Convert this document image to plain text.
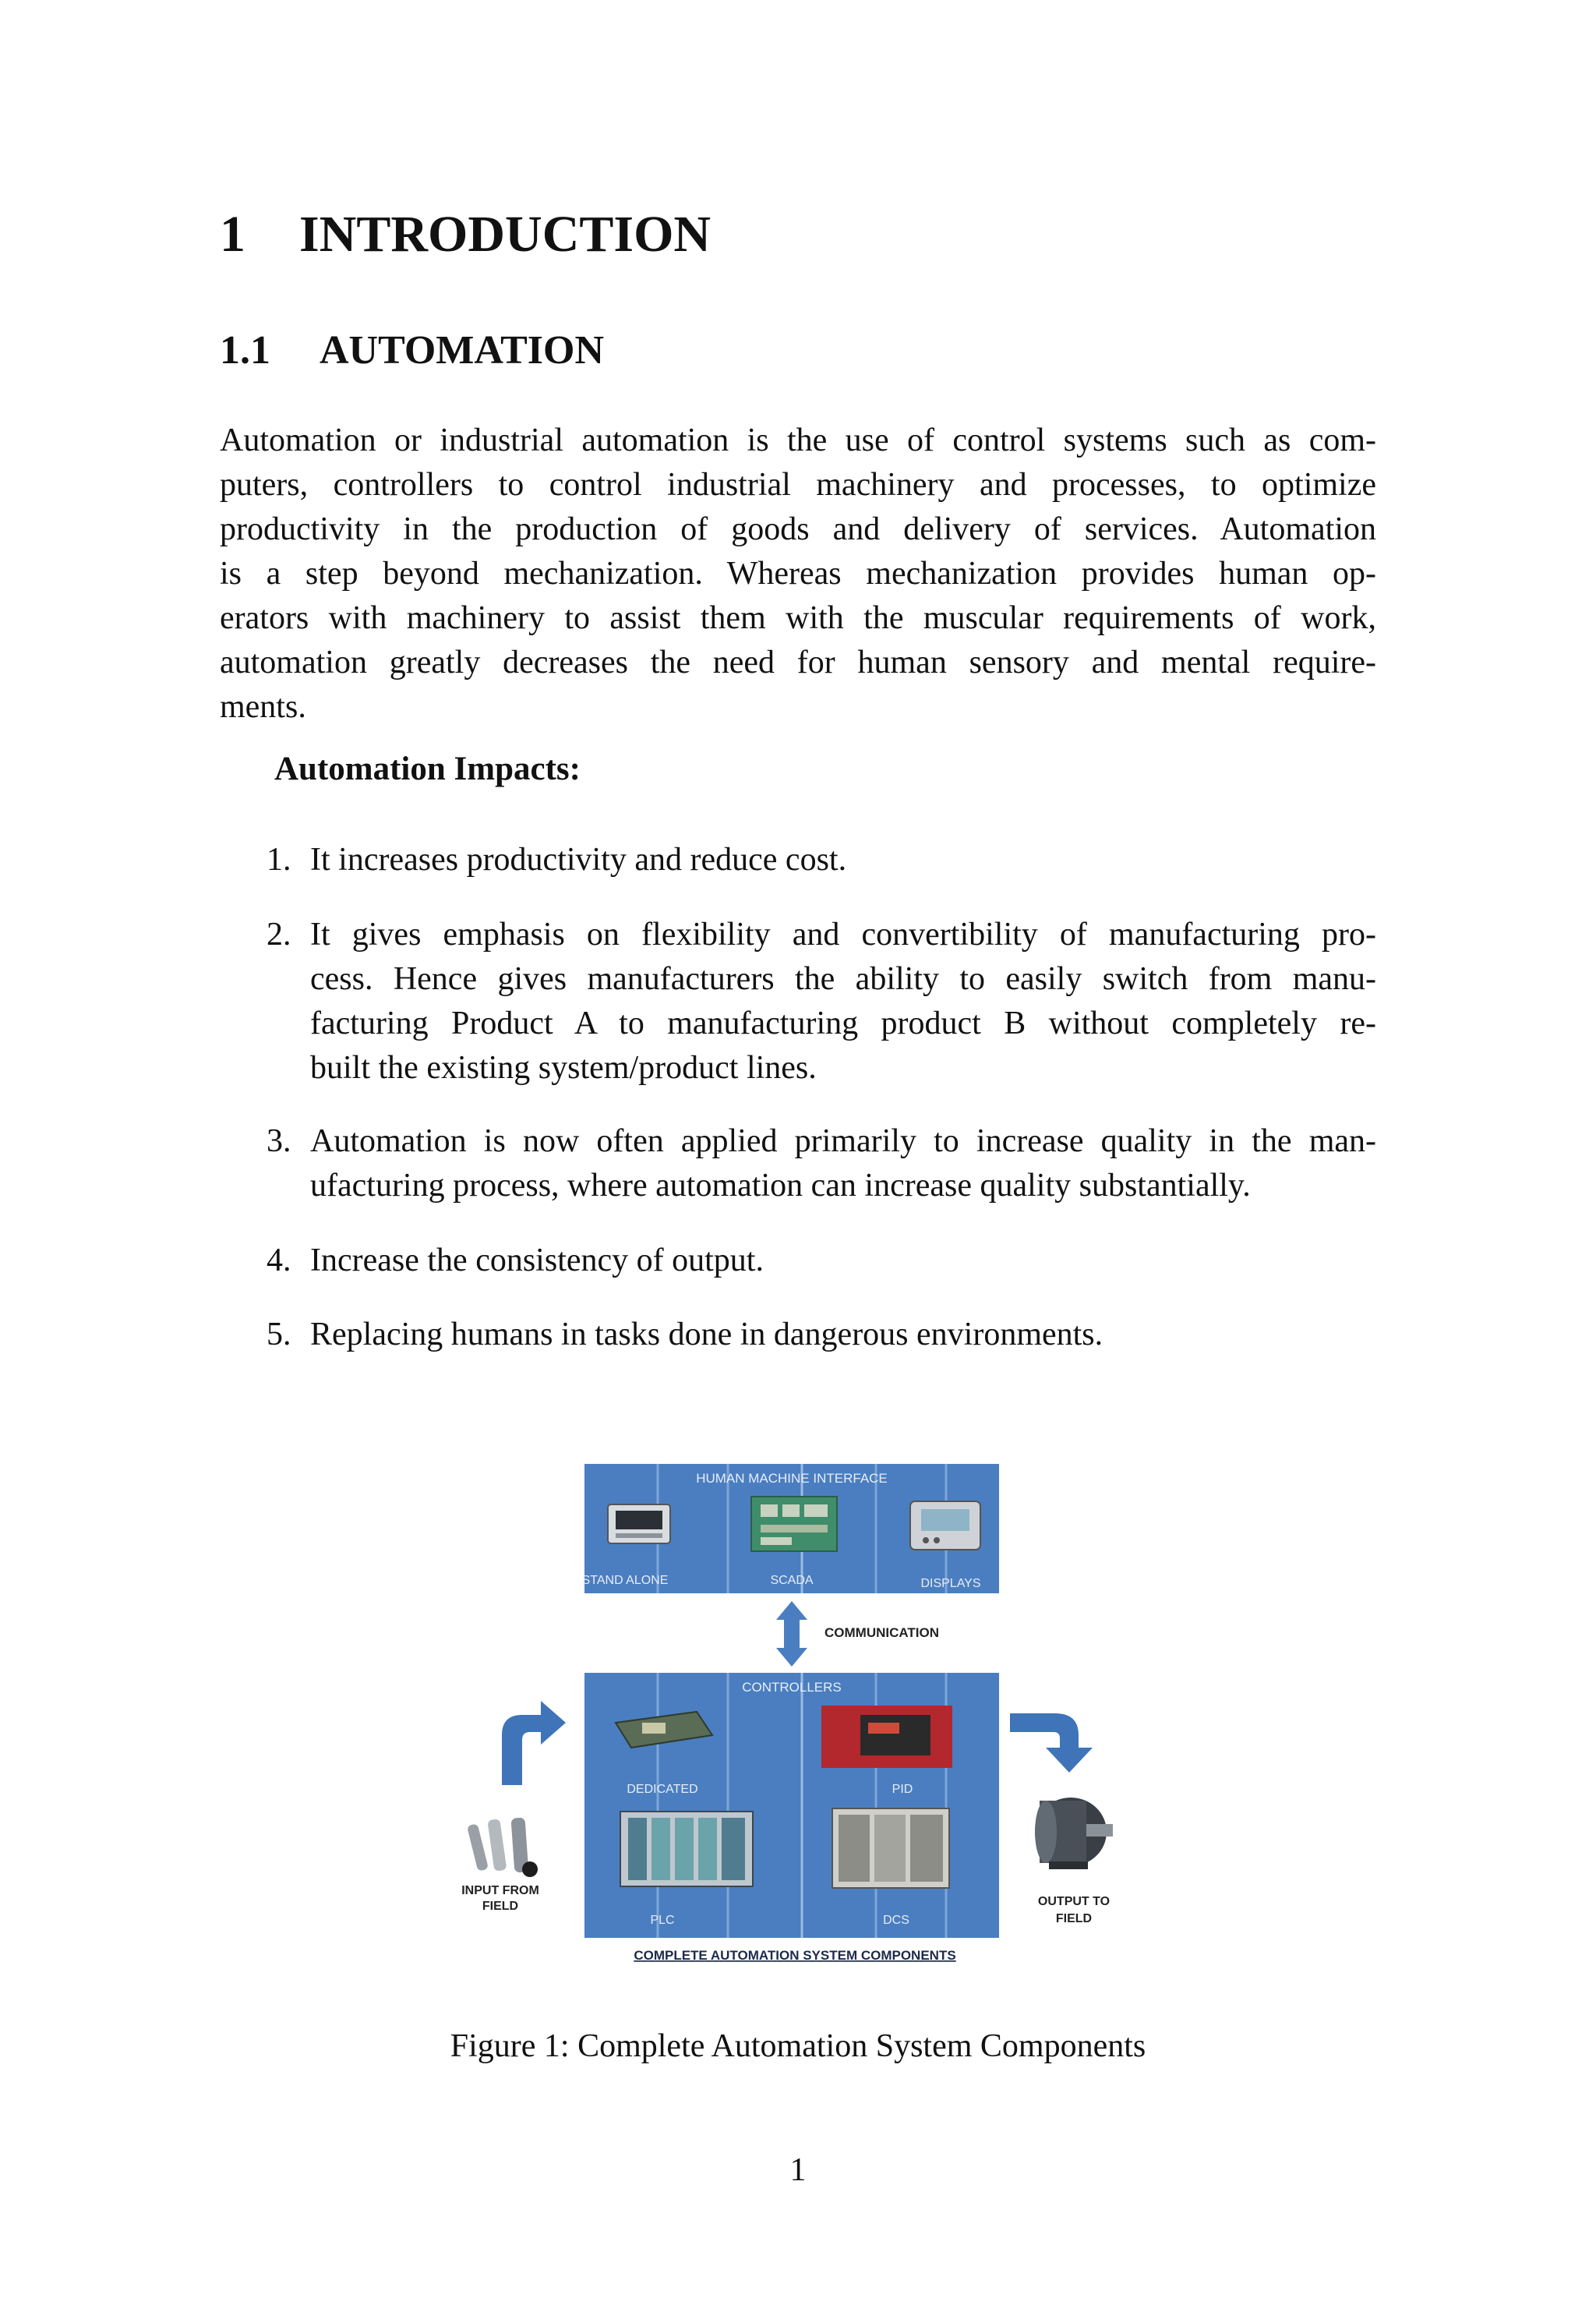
1 INTRODUCTION
1.1 AUTOMATION

Automation or industrial automation is the use of control systems such as com-
puters, controllers to control industrial machinery and processes, to optimize
productivity in the production of goods and delivery of services. Automation
is a step beyond mechanization. Whereas mechanization provides human op-
erators with machinery to assist them with the muscular requirements of work,
automation greatly decreases the need for human sensory and mental require-
ments.

Automation Impacts:

1. It increases productivity and reduce cost.
2. It gives emphasis on flexibility and convertibility of manufacturing pro-
cess. Hence gives manufacturers the ability to easily switch from manu-
facturing Product A to manufacturing product B without completely re-
built the existing system/product lines.
3. Automation is now often applied primarily to increase quality in the man-
ufacturing process, where automation can increase quality substantially.
4. Increase the consistency of output.
5. Replacing humans in tasks done in dangerous environments.
HUMAN MACHINE INTERFACE
STAND ALONE	SCADA	DISPLAYS
COMMUNICATION
CONTROLLERS
DEDICATED	PID
PLC	DCS
INPUT FROM
FIELD	OUTPUT TO
FIELD
COMPLETE AUTOMATION SYSTEM COMPONENTS

Figure 1: Complete Automation System Components

1
